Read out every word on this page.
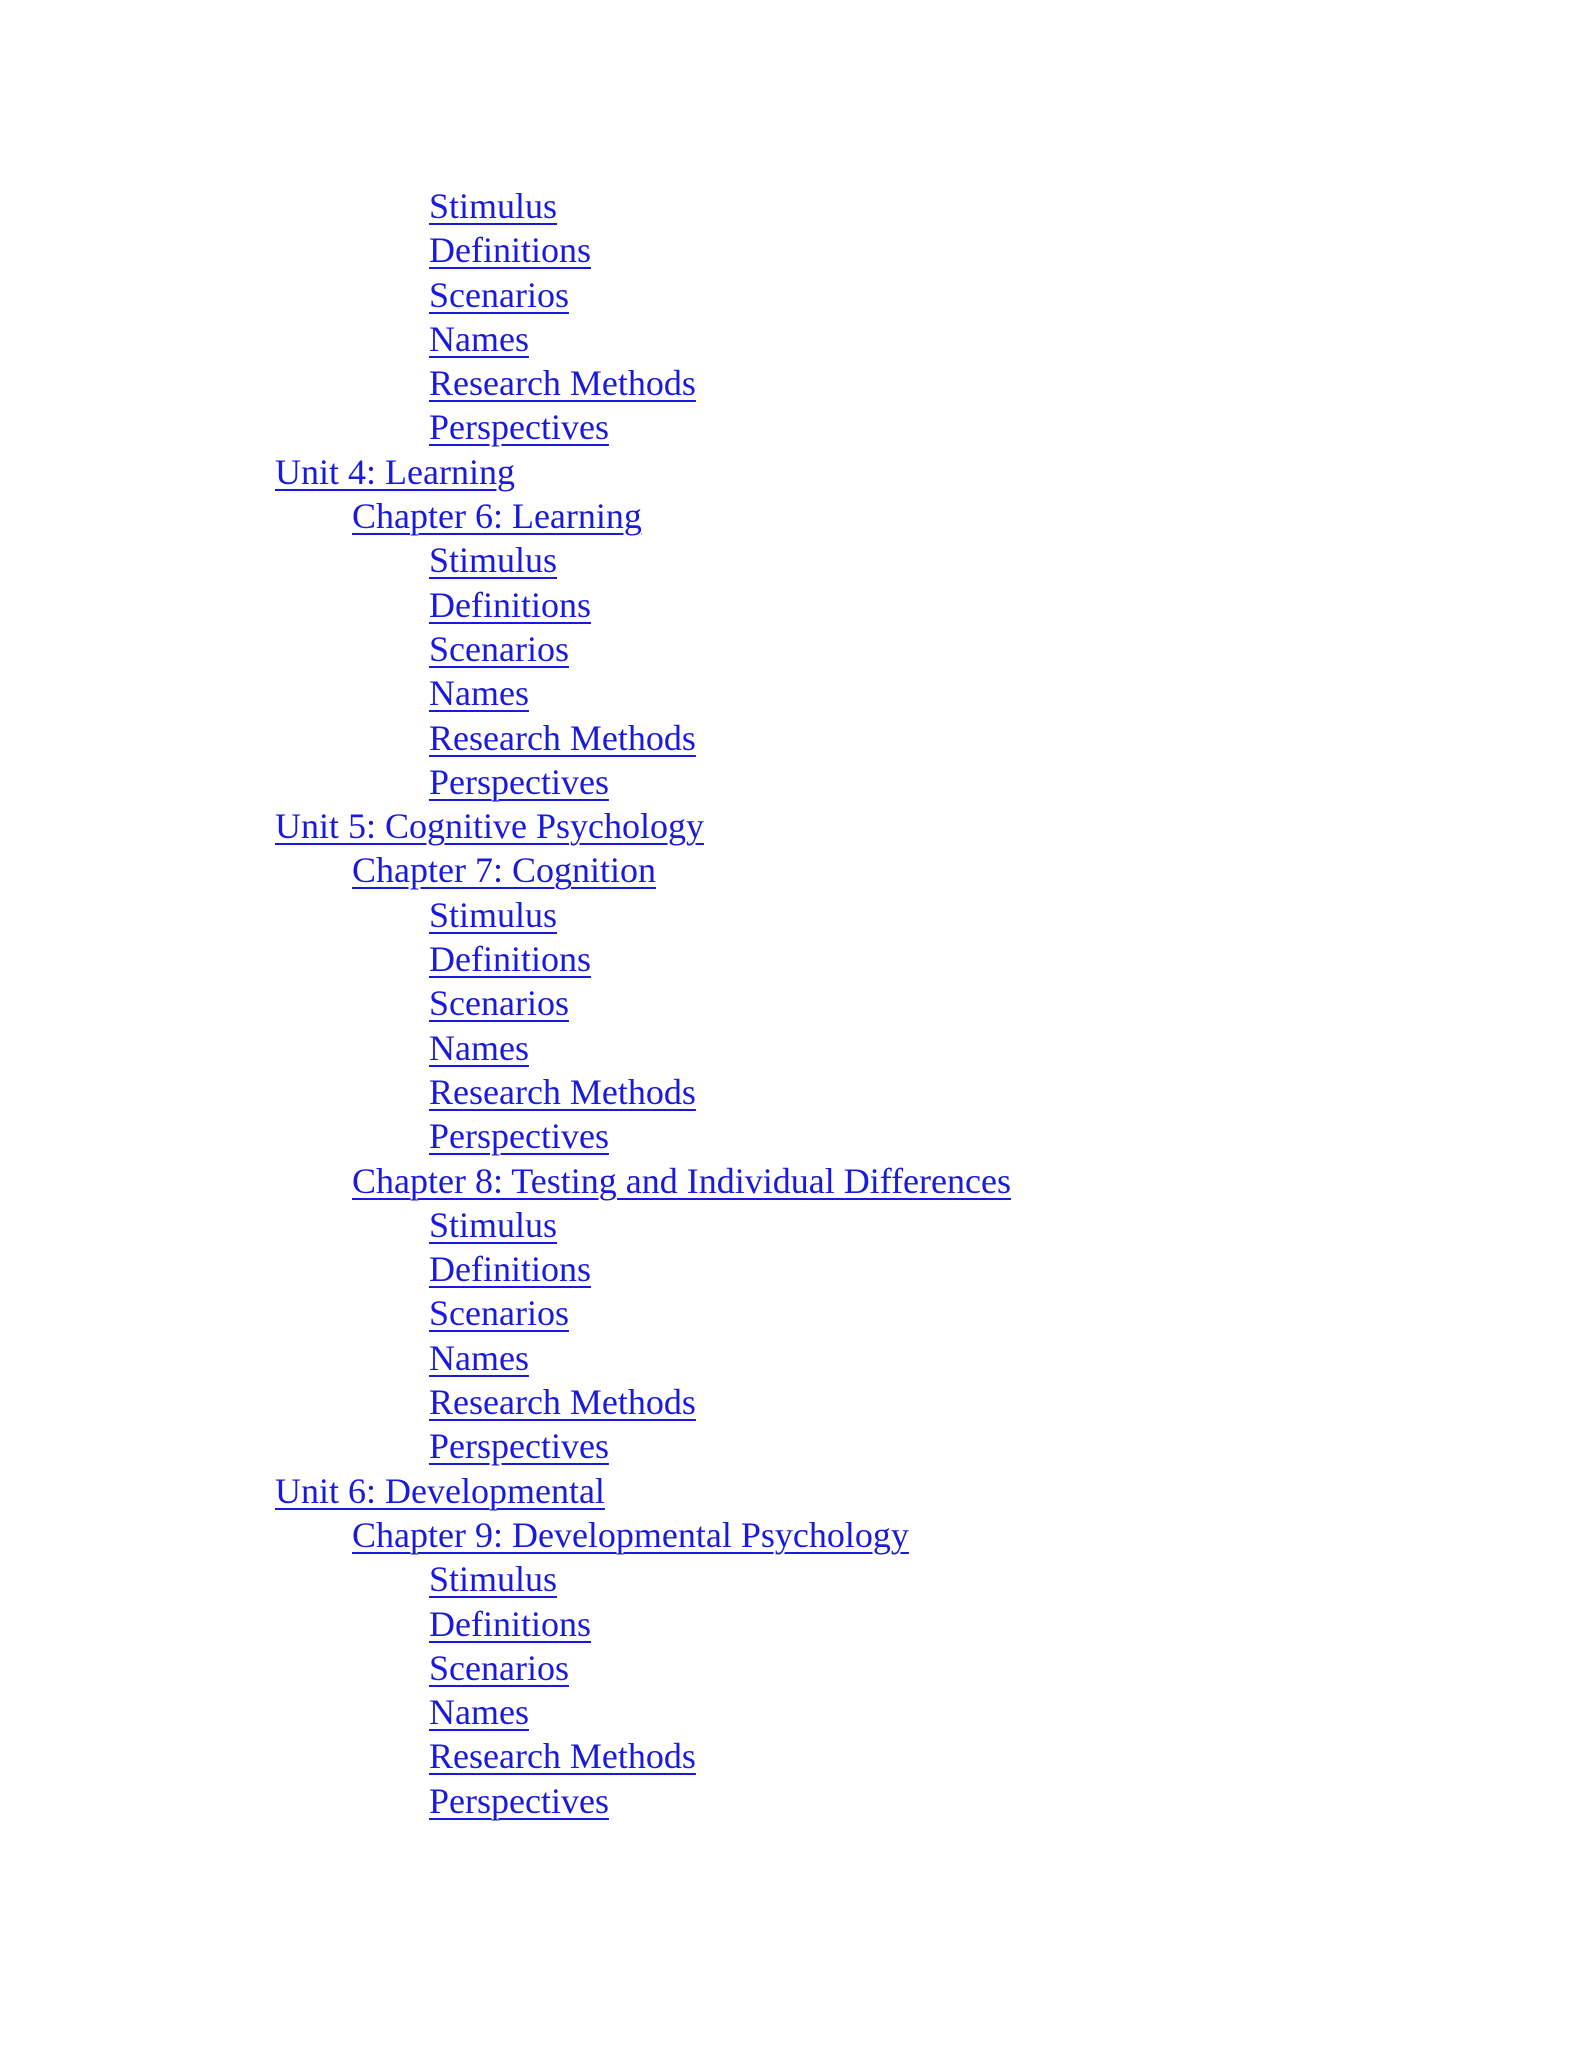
Stimulus
Definitions
Scenarios
Names
Research Methods
Perspectives
Unit 4: Learning
Chapter 6: Learning
Stimulus
Definitions
Scenarios
Names
Research Methods
Perspectives
Unit 5: Cognitive Psychology
Chapter 7: Cognition
Stimulus
Definitions
Scenarios
Names
Research Methods
Perspectives
Chapter 8: Testing and Individual Differences
Stimulus
Definitions
Scenarios
Names
Research Methods
Perspectives
Unit 6: Developmental
Chapter 9: Developmental Psychology
Stimulus
Definitions
Scenarios
Names
Research Methods
Perspectives
